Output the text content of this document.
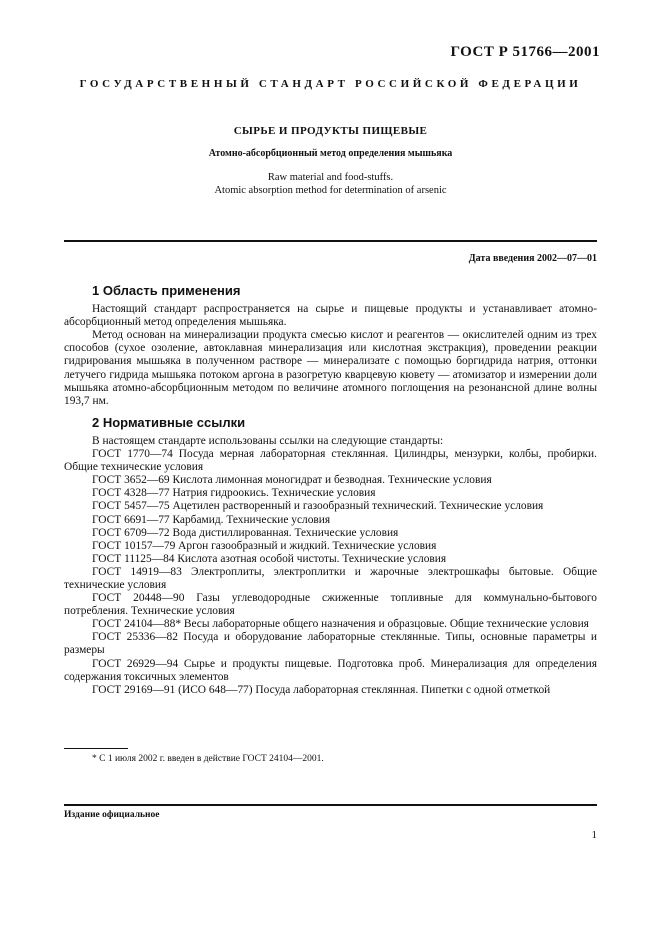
ГОСТ Р 51766—2001
ГОСУДАРСТВЕННЫЙ СТАНДАРТ РОССИЙСКОЙ ФЕДЕРАЦИИ
СЫРЬЕ И ПРОДУКТЫ ПИЩЕВЫЕ
Атомно-абсорбционный метод определения мышьяка
Raw material and food-stuffs.
Atomic absorption method for determination of arsenic
Дата введения 2002—07—01
1 Область применения

Настоящий стандарт распространяется на сырье и пищевые продукты и устанавливает атомно-абсорбционный метод определения мышьяка.

Метод основан на минерализации продукта смесью кислот и реагентов — окислителей одним из трех способов (сухое озоление, автоклавная минерализация или кислотная экстракция), проведении реакции гидрирования мышьяка в полученном растворе — минерализате с помощью боргидрида натрия, оттонки летучего гидрида мышьяка потоком аргона в разогретую кварцевую кювету — атомизатор и измерении доли мышьяка атомно-абсорбционным методом по величине атомного поглощения на резонансной длине волны 193,7 нм.

2 Нормативные ссылки

В настоящем стандарте использованы ссылки на следующие стандарты:

ГОСТ 1770—74 Посуда мерная лабораторная стеклянная. Цилиндры, мензурки, колбы, пробирки. Общие технические условия
ГОСТ 3652—69 Кислота лимонная моногидрат и безводная. Технические условия
ГОСТ 4328—77 Натрия гидроокись. Технические условия
ГОСТ 5457—75 Ацетилен растворенный и газообразный технический. Технические условия
ГОСТ 6691—77 Карбамид. Технические условия
ГОСТ 6709—72 Вода дистиллированная. Технические условия
ГОСТ 10157—79 Аргон газообразный и жидкий. Технические условия
ГОСТ 11125—84 Кислота азотная особой чистоты. Технические условия
ГОСТ 14919—83 Электроплиты, электроплитки и жарочные электрошкафы бытовые. Общие технические условия
ГОСТ 20448—90 Газы углеводородные сжиженные топливные для коммунально-бытового потребления. Технические условия
ГОСТ 24104—88* Весы лабораторные общего назначения и образцовые. Общие технические условия
ГОСТ 25336—82 Посуда и оборудование лабораторные стеклянные. Типы, основные параметры и размеры
ГОСТ 26929—94 Сырье и продукты пищевые. Подготовка проб. Минерализация для определения содержания токсичных элементов
ГОСТ 29169—91 (ИСО 648—77) Посуда лабораторная стеклянная. Пипетки с одной отметкой
* С 1 июля 2002 г. введен в действие ГОСТ 24104—2001.
Издание официальное
1
